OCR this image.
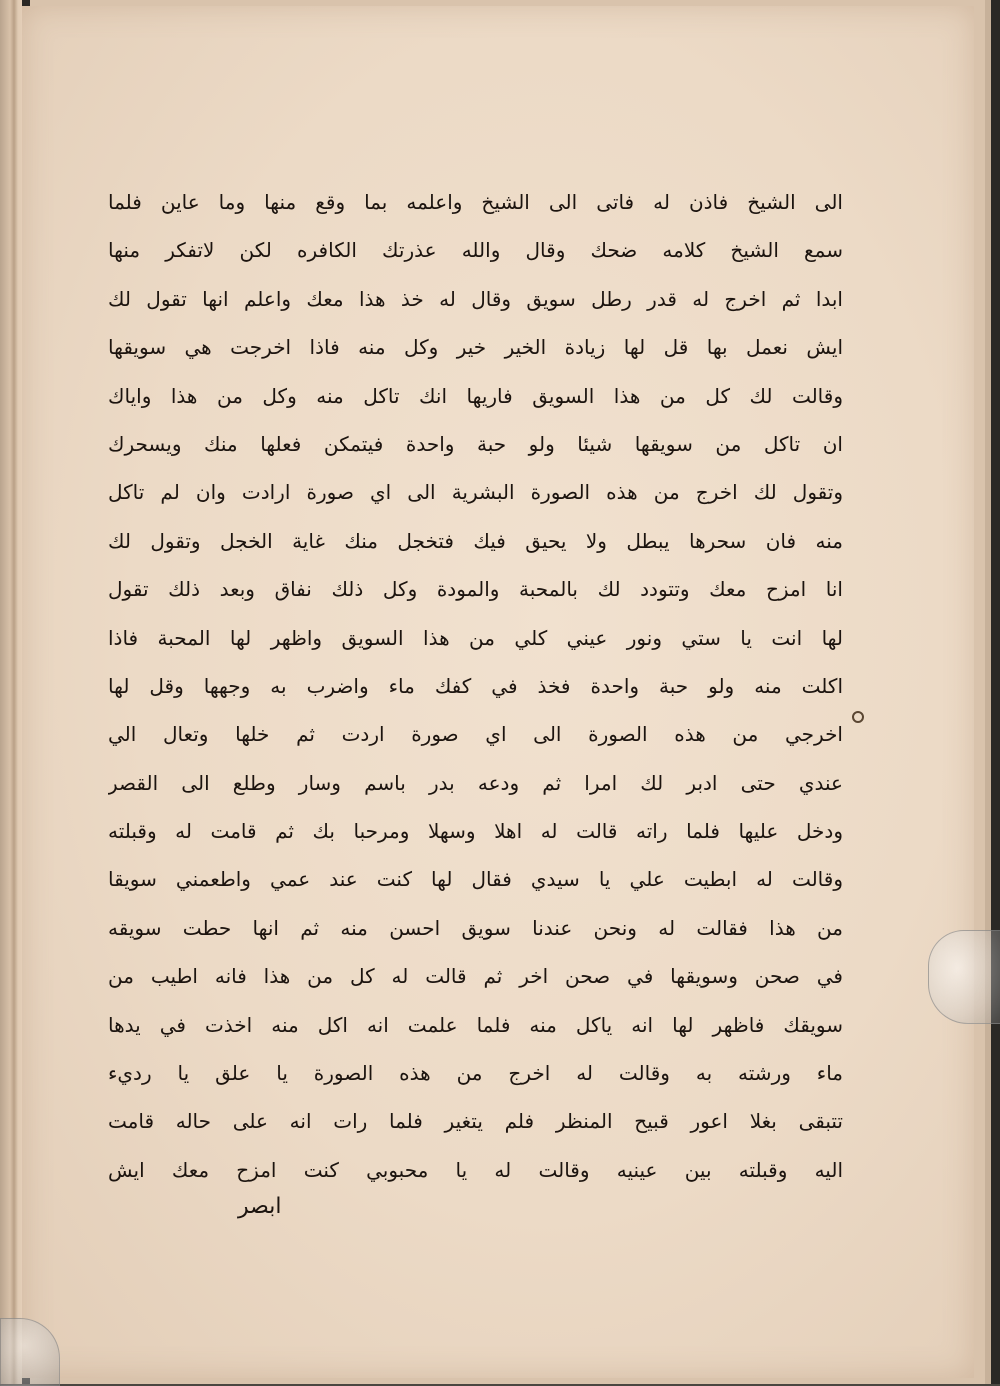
الى الشيخ فاذن له فاتى الى الشيخ واعلمه بما وقع منها وما عاين فلما
سمع الشيخ كلامه ضحك وقال والله عذرتك الكافره لكن لاتفكر منها
ابدا ثم اخرج له قدر رطل سويق وقال له خذ هذا معك واعلم انها تقول لك
ايش نعمل بها قل لها زيادة الخير خير وكل منه فاذا اخرجت هي سويقها
وقالت لك كل من هذا السويق فاريها انك تاكل منه وكل من هذا واياك
ان تاكل من سويقها شيئا ولو حبة واحدة فيتمكن فعلها منك ويسحرك
وتقول لك اخرج من هذه الصورة البشرية الى اي صورة ارادت وان لم تاكل
منه فان سحرها يبطل ولا يحيق فيك فتخجل منك غاية الخجل وتقول لك
انا امزح معك وتتودد لك بالمحبة والمودة وكل ذلك نفاق وبعد ذلك تقول
لها انت يا ستي ونور عيني كلي من هذا السويق واظهر لها المحبة فاذا
اكلت منه ولو حبة واحدة فخذ في كفك ماء واضرب به وجهها وقل لها
اخرجي من هذه الصورة الى اي صورة اردت ثم خلها وتعال الي
عندي حتى ادبر لك امرا ثم ودعه بدر باسم وسار وطلع الى القصر
ودخل عليها فلما راته قالت له اهلا وسهلا ومرحبا بك ثم قامت له وقبلته
وقالت له ابطيت علي يا سيدي فقال لها كنت عند عمي واطعمني سويقا
من هذا فقالت له ونحن عندنا سويق احسن منه ثم انها حطت سويقه
في صحن وسويقها في صحن اخر ثم قالت له كل من هذا فانه اطيب من
سويقك فاظهر لها انه ياكل منه فلما علمت انه اكل منه اخذت في يدها
ماء ورشته به وقالت له اخرج من هذه الصورة يا علق يا رديء
تتبقى بغلا اعور قبيح المنظر فلم يتغير فلما رات انه على حاله قامت
اليه وقبلته بين عينيه وقالت له يا محبوبي كنت امزح معك ايش
ابصر
